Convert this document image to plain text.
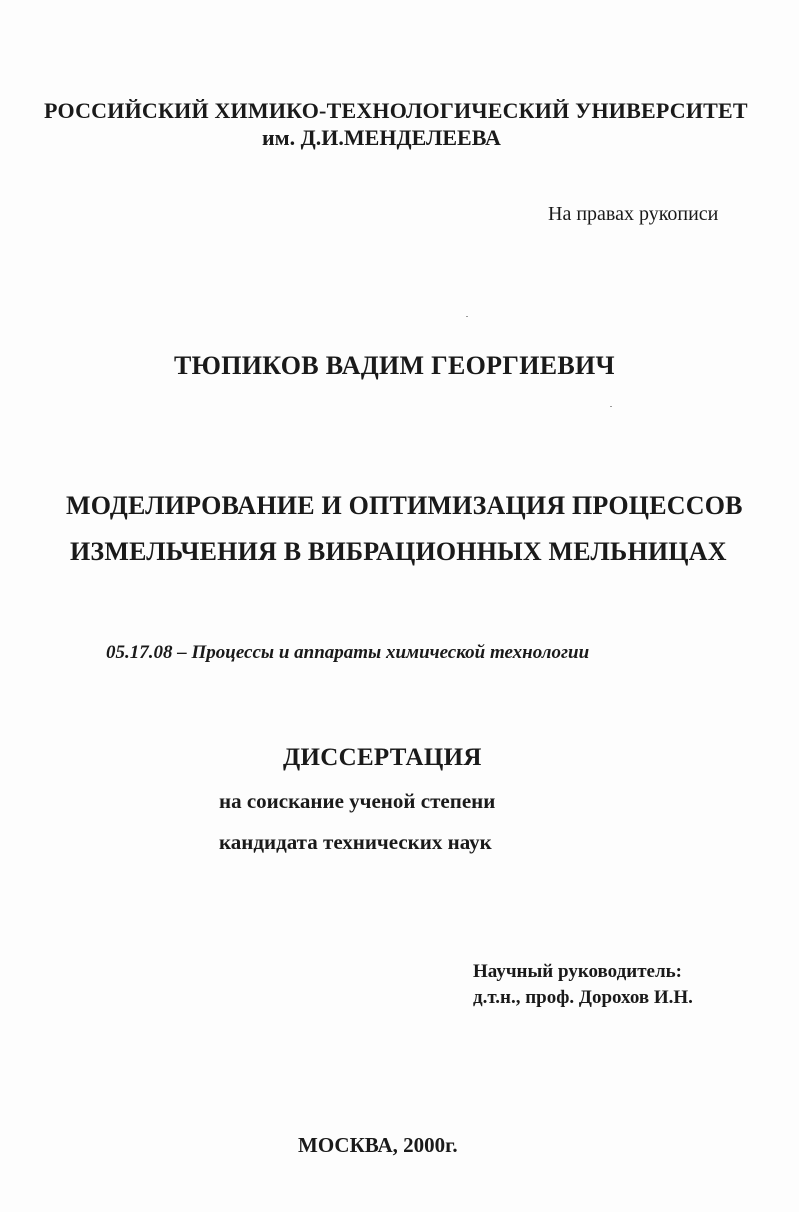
РОССИЙСКИЙ ХИМИКО-ТЕХНОЛОГИЧЕСКИЙ УНИВЕРСИТЕТ
им. Д.И.МЕНДЕЛЕЕВА
На правах рукописи
ТЮПИКОВ ВАДИМ ГЕОРГИЕВИЧ
МОДЕЛИРОВАНИЕ И ОПТИМИЗАЦИЯ ПРОЦЕССОВ
ИЗМЕЛЬЧЕНИЯ В ВИБРАЦИОННЫХ МЕЛЬНИЦАХ
05.17.08 – Процессы и аппараты химической технологии
ДИССЕРТАЦИЯ
на соискание ученой степени
кандидата технических наук
Научный руководитель:
д.т.н., проф. Дорохов И.Н.
МОСКВА, 2000г.
